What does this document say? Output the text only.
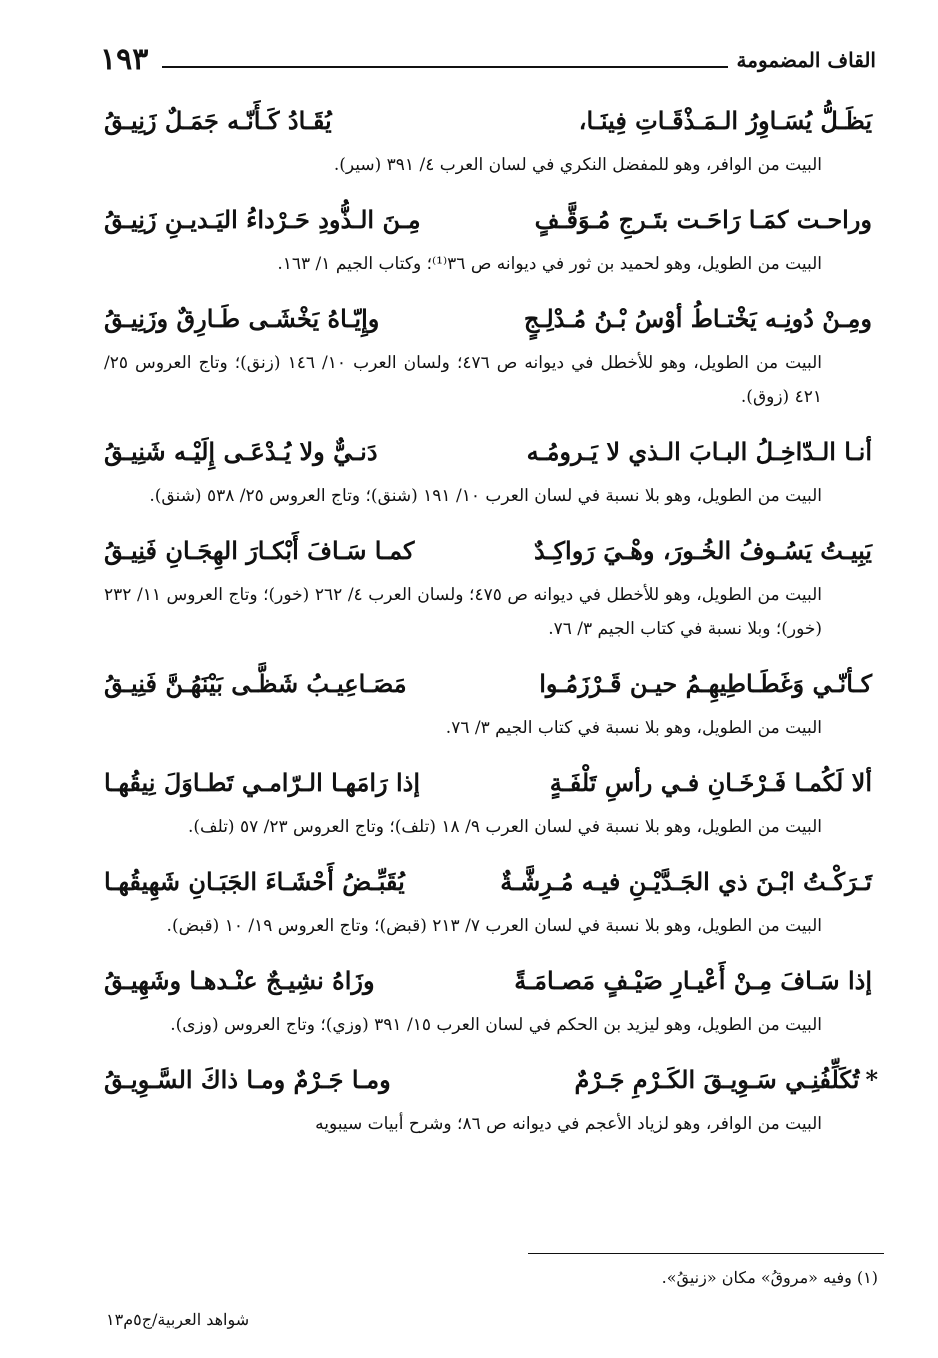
القاف المضمومة
١٩٣
يَظَـلُّ يُسَـاوِرُ الـمَـذْقَـاتِ فِينَـا،
يُقَـادُ كَـأَنّـه جَمَـلٌ زَنِيـقُ
البيت من الوافر، وهو للمفضل النكري في لسان العرب ٤/ ٣٩١ (سير).
وراحـت كمَـا رَاحَـت بتَـرجِ مُـوَقَّـفٍ
مِـنَ الـذُّودِ حَـرْداءُ اليَـديـنِ زَنِيـقُ
البيت من الطويل، وهو لحميد بن ثور في ديوانه ص ٣٦⁽¹⁾؛ وكتاب الجيم ١/ ١٦٣.
ومِـنْ دُونِـه يَخْتـاطُ أوْسُ بْـنُ مُـدْلِـجٍ
وإِيّـاهُ يَخْشَـى طَـارِقٌ وزَنِيـقُ
البيت من الطويل، وهو للأخطل في ديوانه ص ٤٧٦؛ ولسان العرب ١٠/ ١٤٦ (زنق)؛ وتاج العروس ٢٥/ ٤٢١ (زوق).
أنـا الـدّاخِـلُ البـابَ الـذي لا يَـرومُـه
دَنـيٌّ ولا يُـدْعَـى إِلَيْـه شَنِيـقُ
البيت من الطويل، وهو بلا نسبة في لسان العرب ١٠/ ١٩١ (شنق)؛ وتاج العروس ٢٥/ ٥٣٨ (شنق).
يَبِيـتُ يَسُـوفُ الخُـورَ، وهْـيَ رَواكِـدٌ
كمـا سَـافَ أَبْكـارَ الهِجَـانِ فَنِيـقُ
البيت من الطويل، وهو للأخطل في ديوانه ص ٤٧٥؛ ولسان العرب ٤/ ٢٦٢ (خور)؛ وتاج العروس ١١/ ٢٣٢ (خور)؛ وبلا نسبة في كتاب الجيم ٣/ ٧٦.
كـأنّـي وَغَطَـاطِيهِـمُ حيـن قَـرْزَمُـوا
مَصَـاعِيـبُ شَظَّـى بَيْنَهُـنَّ فَنِيـقُ
البيت من الطويل، وهو بلا نسبة في كتاب الجيم ٣/ ٧٦.
ألا لَكُمـا فَـرْخَـانِ فـي رأسِ تَلْفَـةٍ
إذا رَامَهـا الـرّامـي تَطـاوَلَ نِيقُهـا
البيت من الطويل، وهو بلا نسبة في لسان العرب ٩/ ١٨ (تلف)؛ وتاج العروس ٢٣/ ٥٧ (تلف).
تَـرَكْـتُ ابْـنَ ذي الجَـدَّيْـنِ فيـه مُـرِشَّـةٌ
يُقَبِّـضُ أَحْشَـاءَ الجَبَـانِ شَهِيقُهـا
البيت من الطويل، وهو بلا نسبة في لسان العرب ٧/ ٢١٣ (قبض)؛ وتاج العروس ١٩/ ١٠ (قبض).
إذا سَـافَ مِـنْ أَعْيـارِ صَيْـفٍ مَصـامَـةً
وزَاهُ نشِيـجٌ عنْـدهـا وشَهِيـقُ
البيت من الطويل، وهو ليزيد بن الحكم في لسان العرب ١٥/ ٣٩١ (وزي)؛ وتاج العروس (وزى).
*تُكَلِّفُنِـي سَـوِيـقَ الكَـرْمِ جَـرْمٌ
ومـا جَـرْمٌ ومـا ذاكَ السَّـوِيـقُ
البيت من الوافر، وهو لزياد الأعجم في ديوانه ص ٨٦؛ وشرح أبيات سيبويه
(١) وفيه «مروقُ» مكان «زنيقُ».
شواهد العربية/ج٥م١٣
